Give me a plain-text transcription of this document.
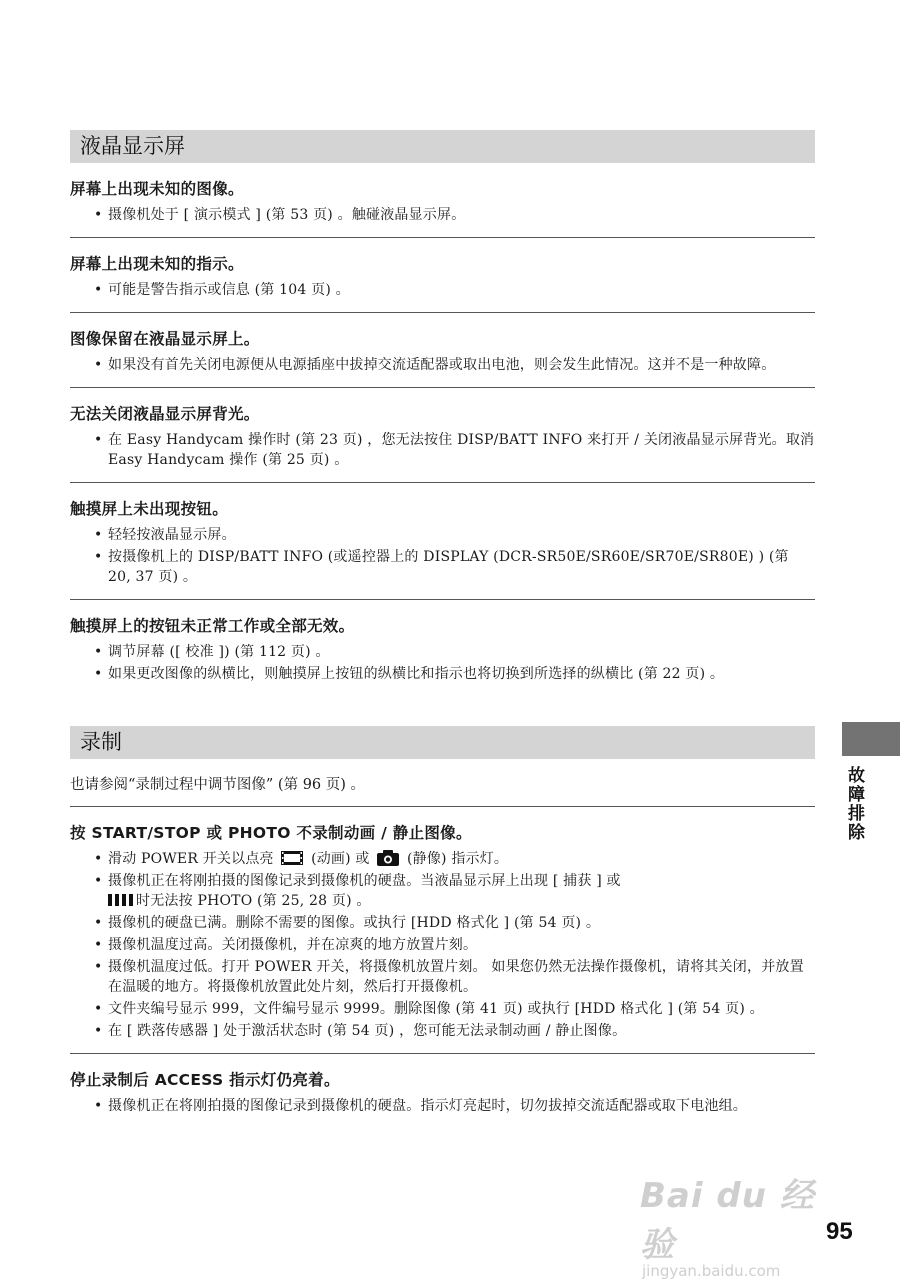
液晶显示屏
屏幕上出现未知的图像。
• 摄像机处于 [ 演示模式 ] (第 53 页) 。触碰液晶显示屏。
屏幕上出现未知的指示。
• 可能是警告指示或信息 (第 104 页) 。
图像保留在液晶显示屏上。
• 如果没有首先关闭电源便从电源插座中拔掉交流适配器或取出电池，则会发生此情况。这并不是一种故障。
无法关闭液晶显示屏背光。
• 在 Easy Handycam 操作时 (第 23 页) ，您无法按住 DISP/BATT INFO 来打开 / 关闭液晶显示屏背光。取消 Easy Handycam 操作 (第 25 页) 。
触摸屏上未出现按钮。
• 轻轻按液晶显示屏。
• 按摄像机上的 DISP/BATT INFO (或遥控器上的 DISPLAY (DCR-SR50E/SR60E/SR70E/SR80E) ) (第 20, 37 页) 。
触摸屏上的按钮未正常工作或全部无效。
• 调节屏幕 ([ 校准 ]) (第 112 页) 。
• 如果更改图像的纵横比，则触摸屏上按钮的纵横比和指示也将切换到所选择的纵横比 (第 22 页) 。
录制
也请参阅“录制过程中调节图像” (第 96 页) 。
按 START/STOP 或 PHOTO 不录制动画 / 静止图像。
• 滑动 POWER 开关以点亮	(动画) 或	(静像) 指示灯。
• 摄像机正在将刚拍摄的图像记录到摄像机的硬盘。当液晶显示屏上出现 [ 捕获 ] 或
时无法按 PHOTO (第 25, 28 页) 。
• 摄像机的硬盘已满。删除不需要的图像。或执行 [HDD 格式化 ] (第 54 页) 。
• 摄像机温度过高。关闭摄像机，并在凉爽的地方放置片刻。
• 摄像机温度过低。打开 POWER 开关，将摄像机放置片刻。 如果您仍然无法操作摄像机，请将其关闭，并放置在温暖的地方。将摄像机放置此处片刻，然后打开摄像机。
• 文件夹编号显示 999，文件编号显示 9999。删除图像 (第 41 页) 或执行 [HDD 格式化 ] (第 54 页) 。
• 在 [ 跌落传感器 ] 处于激活状态时 (第 54 页) ，您可能无法录制动画 / 静止图像。
停止录制后 ACCESS 指示灯仍亮着。
• 摄像机正在将刚拍摄的图像记录到摄像机的硬盘。指示灯亮起时，切勿拔掉交流适配器或取下电池组。
故障排除
Bai du 经验
jingyan.baidu.com
95
